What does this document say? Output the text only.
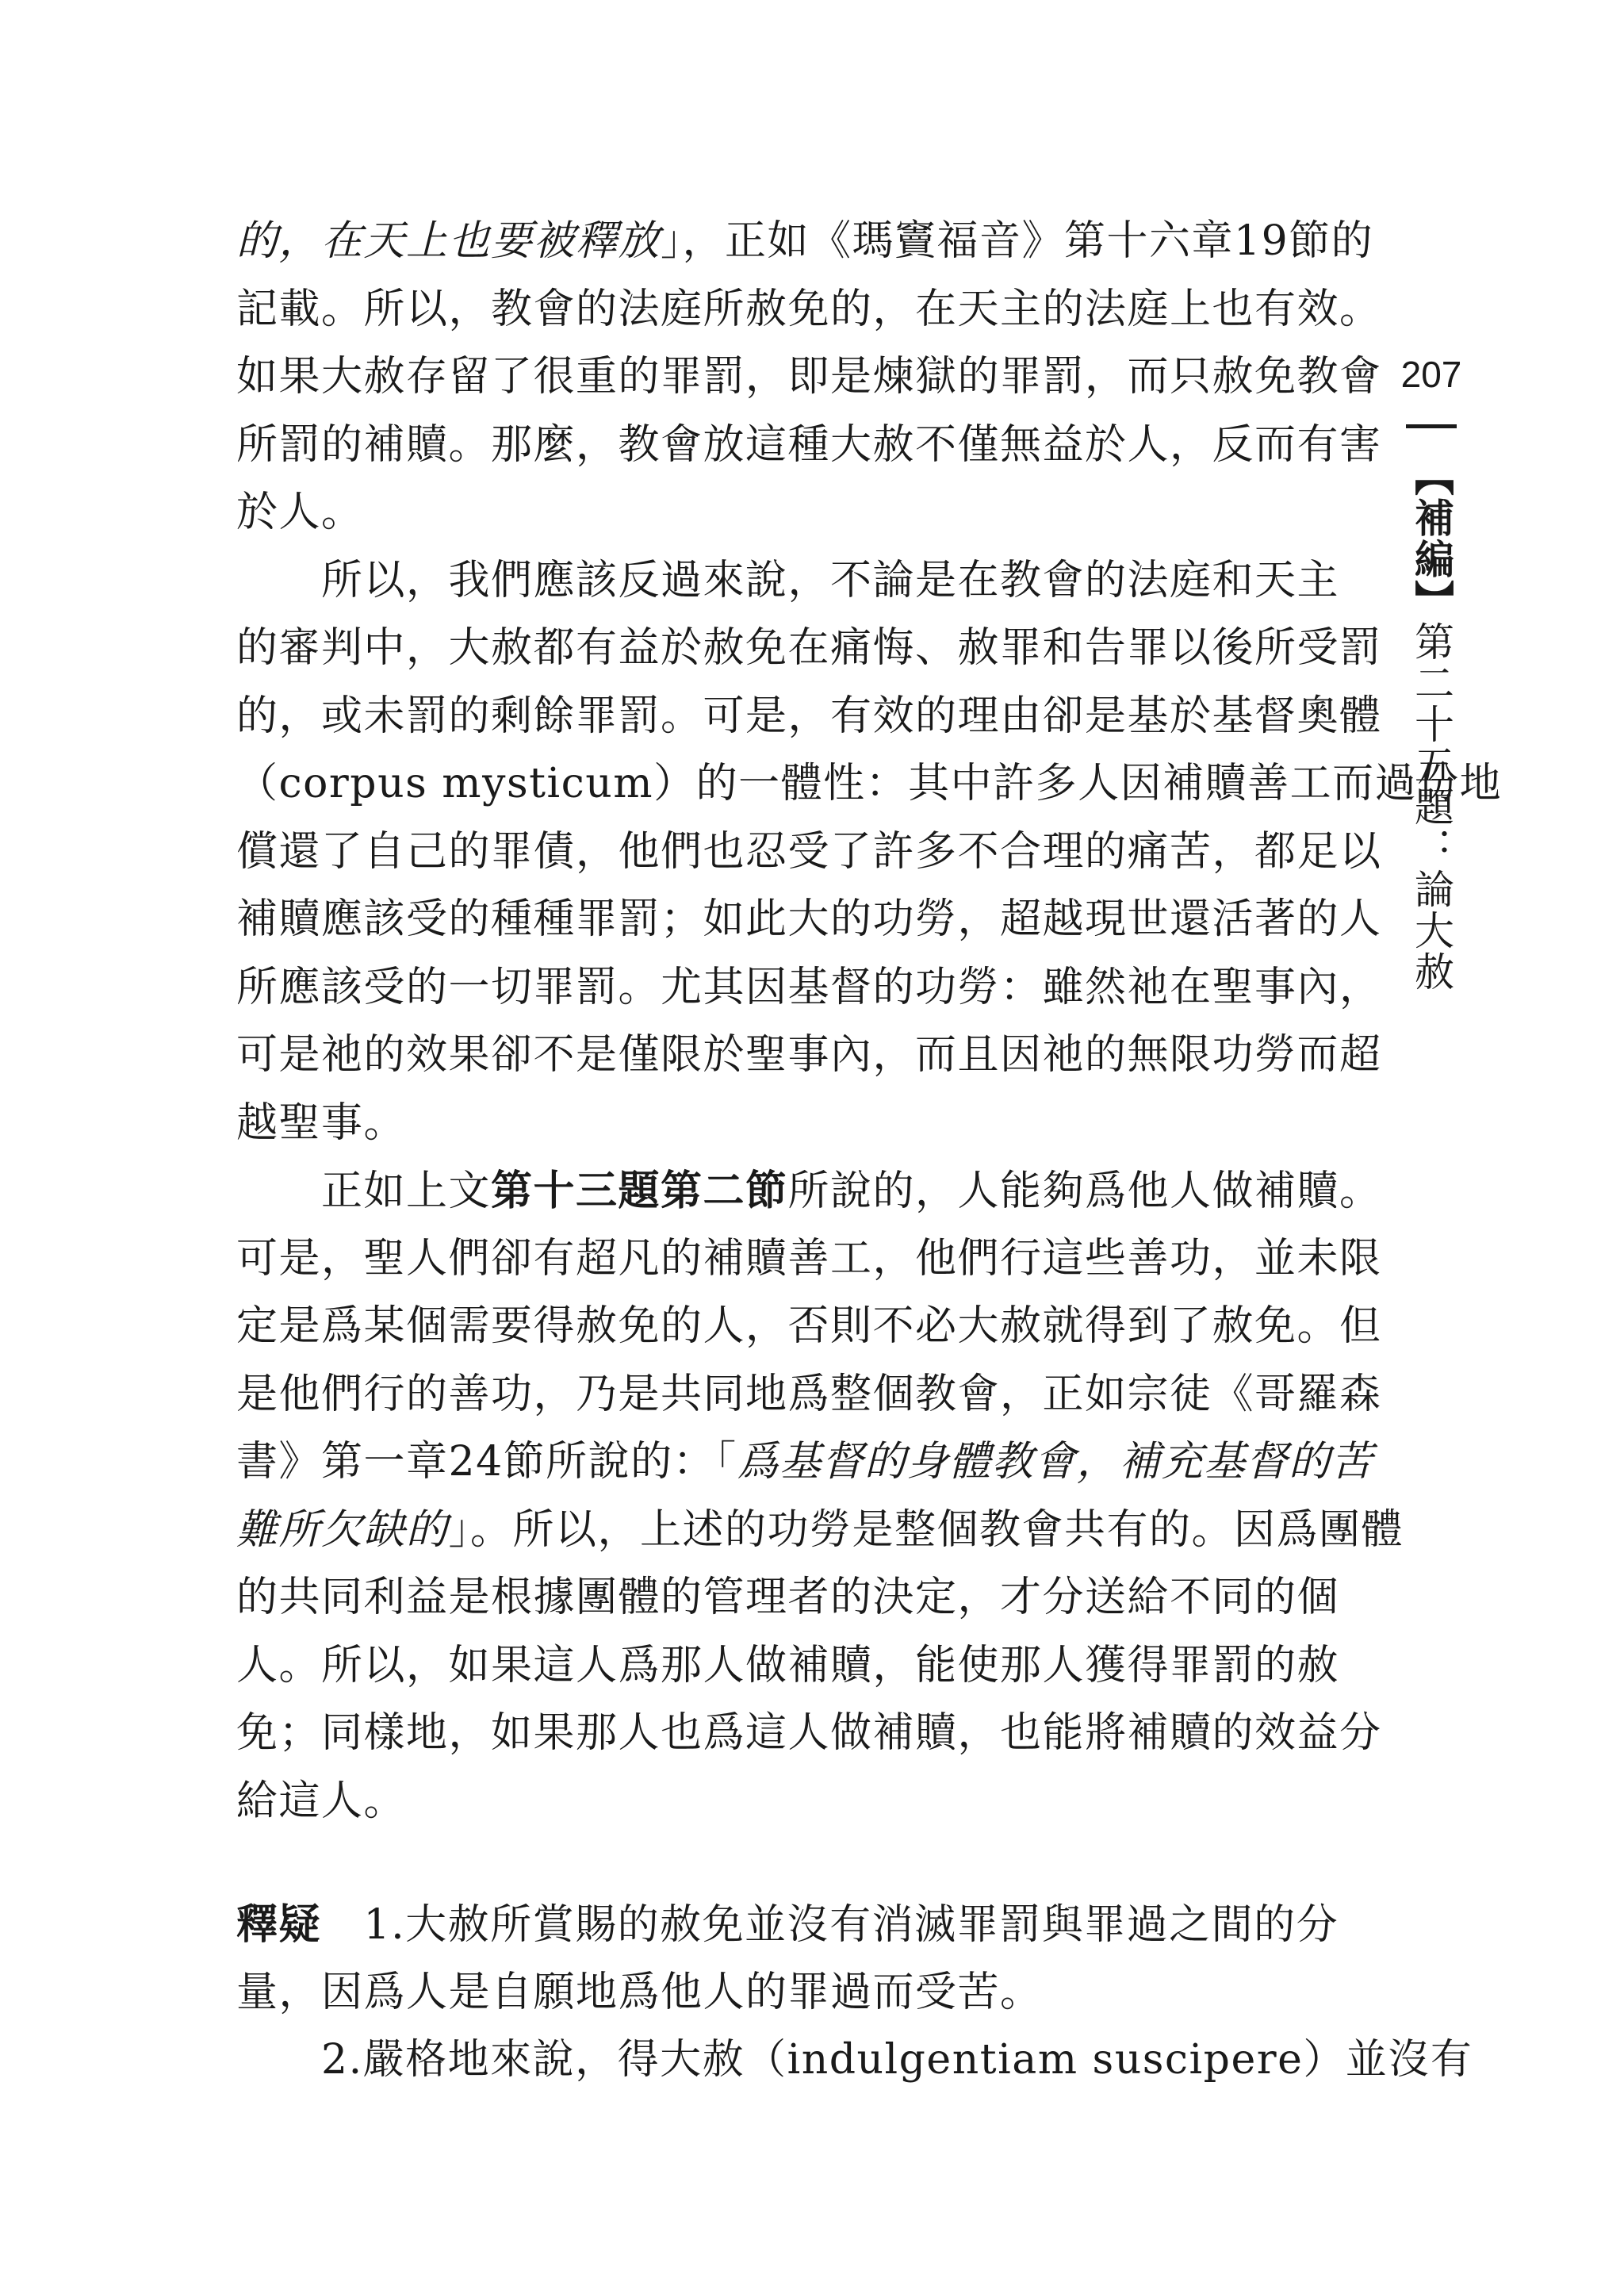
的，在天上也要被釋放」，正如《瑪竇福音》第十六章19節的
記載。所以，教會的法庭所赦免的，在天主的法庭上也有效。
如果大赦存留了很重的罪罰，即是煉獄的罪罰，而只赦免教會
所罰的補贖。那麼，教會放這種大赦不僅無益於人，反而有害
於人。
　　所以，我們應該反過來說，不論是在教會的法庭和天主
的審判中，大赦都有益於赦免在痛悔、赦罪和告罪以後所受罰
的，或未罰的剩餘罪罰。可是，有效的理由卻是基於基督奧體
（corpus mysticum）的一體性：其中許多人因補贖善工而過份地
償還了自己的罪債，他們也忍受了許多不合理的痛苦，都足以
補贖應該受的種種罪罰；如此大的功勞，超越現世還活著的人
所應該受的一切罪罰。尤其因基督的功勞：雖然祂在聖事內，
可是祂的效果卻不是僅限於聖事內，而且因祂的無限功勞而超
越聖事。
　　正如上文第十三題第二節所說的，人能夠爲他人做補贖。
可是，聖人們卻有超凡的補贖善工，他們行這些善功，並未限
定是爲某個需要得赦免的人，否則不必大赦就得到了赦免。但
是他們行的善功，乃是共同地爲整個教會，正如宗徒《哥羅森
書》第一章24節所說的：「爲基督的身體教會，補充基督的苦
難所欠缺的」。所以，上述的功勞是整個教會共有的。因爲團體
的共同利益是根據團體的管理者的決定，才分送給不同的個
人。所以，如果這人爲那人做補贖，能使那人獲得罪罰的赦
免；同樣地，如果那人也爲這人做補贖，也能將補贖的效益分
給這人。
釋疑　1.大赦所賞賜的赦免並沒有消滅罪罰與罪過之間的分
量，因爲人是自願地爲他人的罪過而受苦。
　　2.嚴格地來說，得大赦（indulgentiam suscipere）並沒有
207
【補編】第二十五題：論大赦
